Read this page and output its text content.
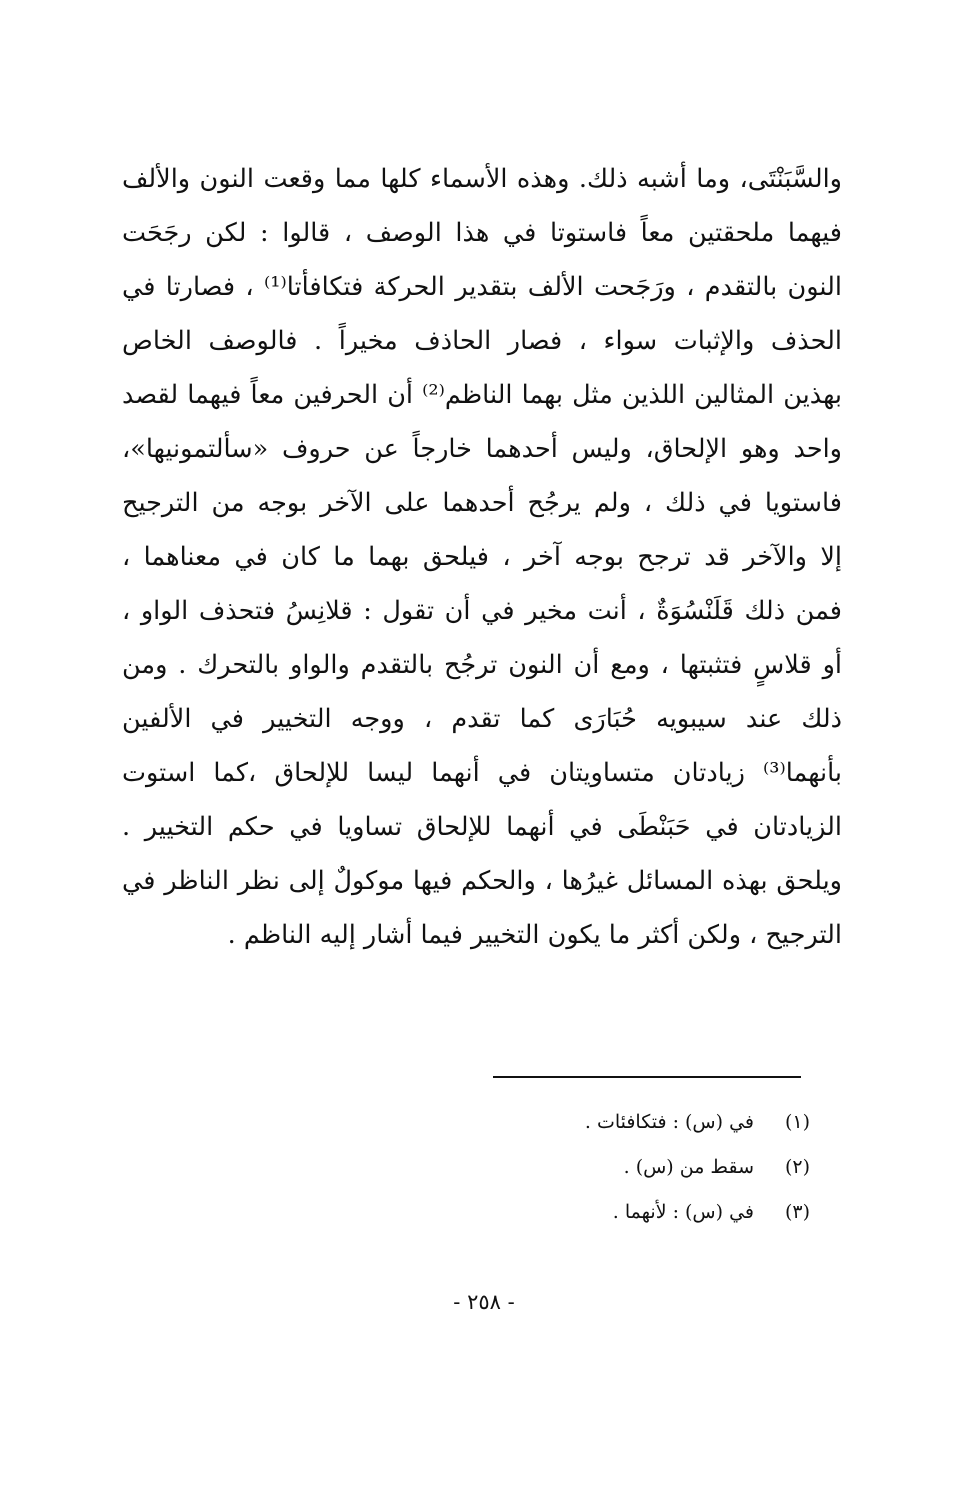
والسَّبَنْتَى، وما أشبه ذلك. وهذه الأسماء كلها مما وقعت النون والألف
فيهما ملحقتين معاً فاستوتا في هذا الوصف ، قالوا : لكن رجَحَت
النون بالتقدم ، ورَجَحت الألف بتقدير الحركة فتكافأتا⁽¹⁾ ، فصارتا في
الحذف والإثبات سواء ، فصار الحاذف مخيراً . فالوصف الخاص
بهذين المثالين اللذين مثل بهما الناظم⁽²⁾ أن الحرفين معاً فيهما لقصد
واحد وهو الإلحاق، وليس أحدهما خارجاً عن حروف «سألتمونيها»،
فاستويا في ذلك ، ولم يرجُح أحدهما على الآخر بوجه من الترجيح
إلا والآخر قد ترجح بوجه آخر ، فيلحق بهما ما كان في معناهما ،
فمن ذلك قَلَنْسُوَةٌ ، أنت مخير في أن تقول : قلانِسُ فتحذف الواو ،
أو قلاسٍ فتثبتها ، ومع أن النون ترجُح بالتقدم والواو بالتحرك . ومن
ذلك عند سيبويه حُبَارَى كما تقدم ، ووجه التخيير في الألفين
بأنهما⁽³⁾ زيادتان متساويتان في أنهما ليسا للإلحاق ،كما استوت
الزيادتان في حَبَنْطَى في أنهما للإلحاق تساويا في حكم التخيير .
ويلحق بهذه المسائل غيرُها ، والحكم فيها موكولٌ إلى نظر الناظر في
الترجيح ، ولكن أكثر ما يكون التخيير فيما أشار إليه الناظم .
(١)
في (س) : فتكافئات .
(٢)
سقط من (س) .
(٣)
في (س) : لأنهما .
- ٢٥٨ -
